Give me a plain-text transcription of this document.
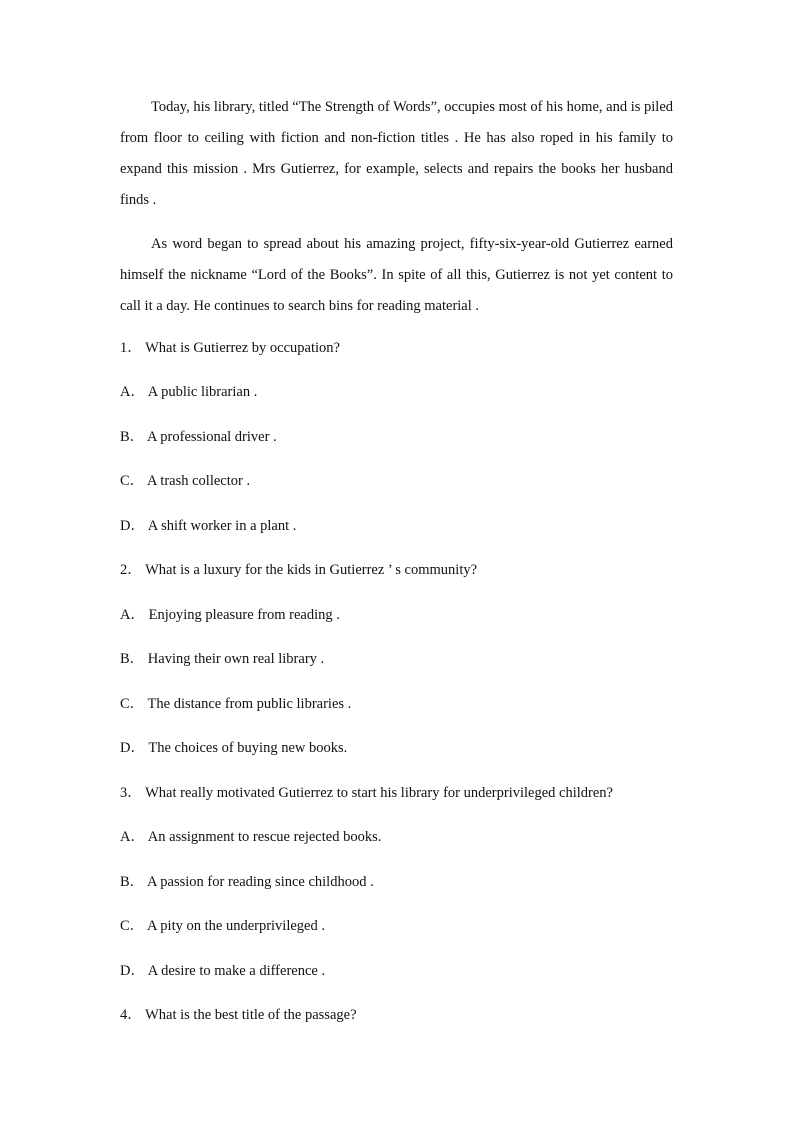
Today, his library, titled “The Strength of Words”, occupies most of his home, and is piled from floor to ceiling with fiction and non-fiction titles . He has also roped in his family to expand this mission . Mrs Gutierrez, for example, selects and repairs the books her husband finds .

As word began to spread about his amazing project, fifty-six-year-old Gutierrez earned himself the nickname “Lord of the Books”. In spite of all this, Gutierrez is not yet content to call it a day. He continues to search bins for reading material .

1． What is Gutierrez by occupation?

A． A public librarian .

B． A professional driver .

C． A trash collector .

D． A shift worker in a plant .

2． What is a luxury for the kids in Gutierrez ’ s community?

A． Enjoying pleasure from reading .

B． Having their own real library .

C． The distance from public libraries .

D． The choices of buying new books.

3． What really motivated Gutierrez to start his library for underprivileged children?

A． An assignment to rescue rejected books.

B． A passion for reading since childhood .

C． A pity on the underprivileged .

D． A desire to make a difference .

4． What is the best title of the passage?
